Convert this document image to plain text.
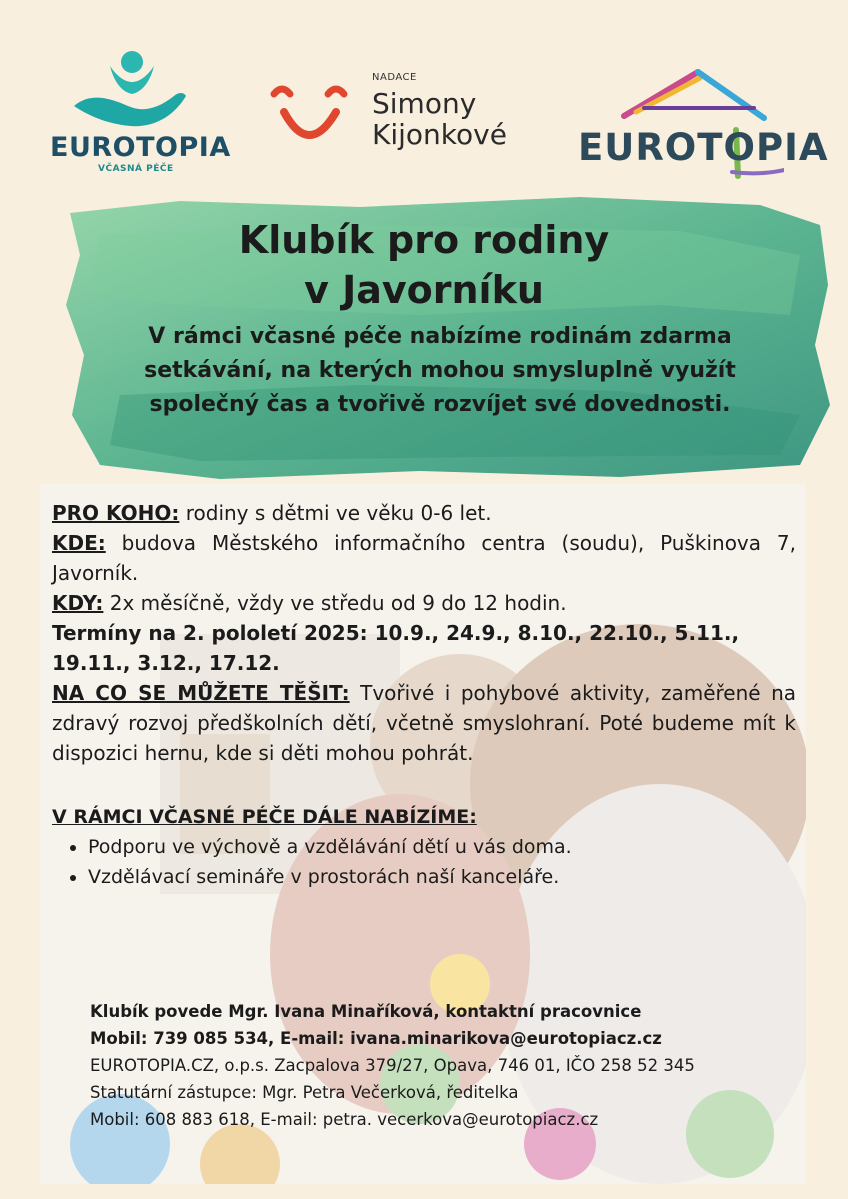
EUROTOPIA
VČASNÁ PÉČE
NADACE
Simony
Kijonkové EUROTOPIA
Klubík pro rodiny
v Javorníku
V rámci včasné péče nabízíme rodinám zdarma setkávání, na kterých mohou smysluplně využít společný čas a tvořivě rozvíjet své dovednosti.

PRO KOHO: rodiny s dětmi ve věku 0-6 let.

KDE: budova Městského informačního centra (soudu), Puškinova 7, Javorník.

KDY: 2x měsíčně, vždy ve středu od 9 do 12 hodin.

Termíny na 2. pololetí 2025: 10.9., 24.9., 8.10., 22.10., 5.11., 19.11., 3.12., 17.12.

NA CO SE MŮŽETE TĚŠIT: Tvořivé i pohybové aktivity, zaměřené na zdravý rozvoj předškolních dětí, včetně smyslohraní. Poté budeme mít k dispozici hernu, kde si děti mohou pohrát.

V RÁMCI VČASNÉ PÉČE DÁLE NABÍZÍME:

• Podporu ve výchově a vzdělávání dětí u vás doma.
• Vzdělávací semináře v prostorách naší kanceláře.

Klubík povede Mgr. Ivana Minaříková, kontaktní pracovnice

Mobil: 739 085 534, E-mail: ivana.minarikova@eurotopiacz.cz

EUROTOPIA.CZ, o.p.s. Zacpalova 379/27, Opava, 746 01, IČO 258 52 345

Statutární zástupce: Mgr. Petra Večerková, ředitelka

Mobil: 608 883 618, E-mail: petra. vecerkova@eurotopiacz.cz
